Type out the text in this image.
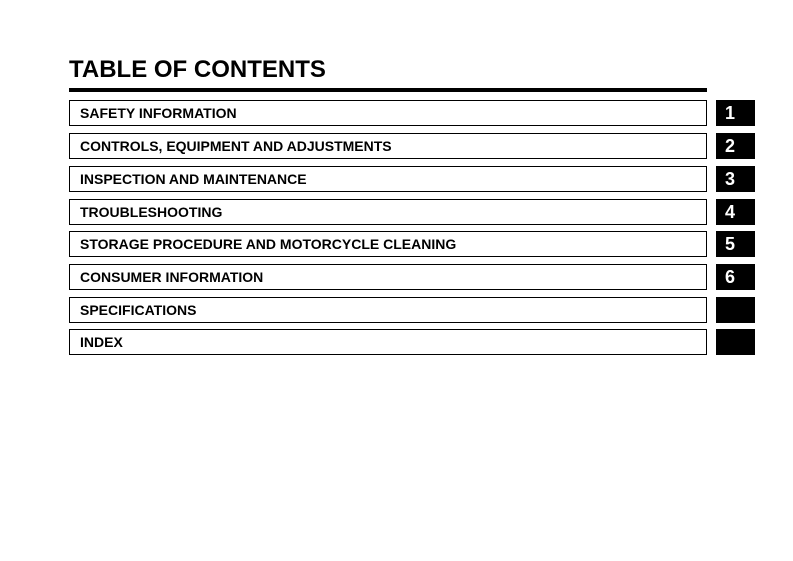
TABLE OF CONTENTS
SAFETY INFORMATION	1
CONTROLS, EQUIPMENT AND ADJUSTMENTS	2
INSPECTION AND MAINTENANCE	3
TROUBLESHOOTING	4
STORAGE PROCEDURE AND MOTORCYCLE CLEANING	5
CONSUMER INFORMATION	6
SPECIFICATIONS
INDEX
